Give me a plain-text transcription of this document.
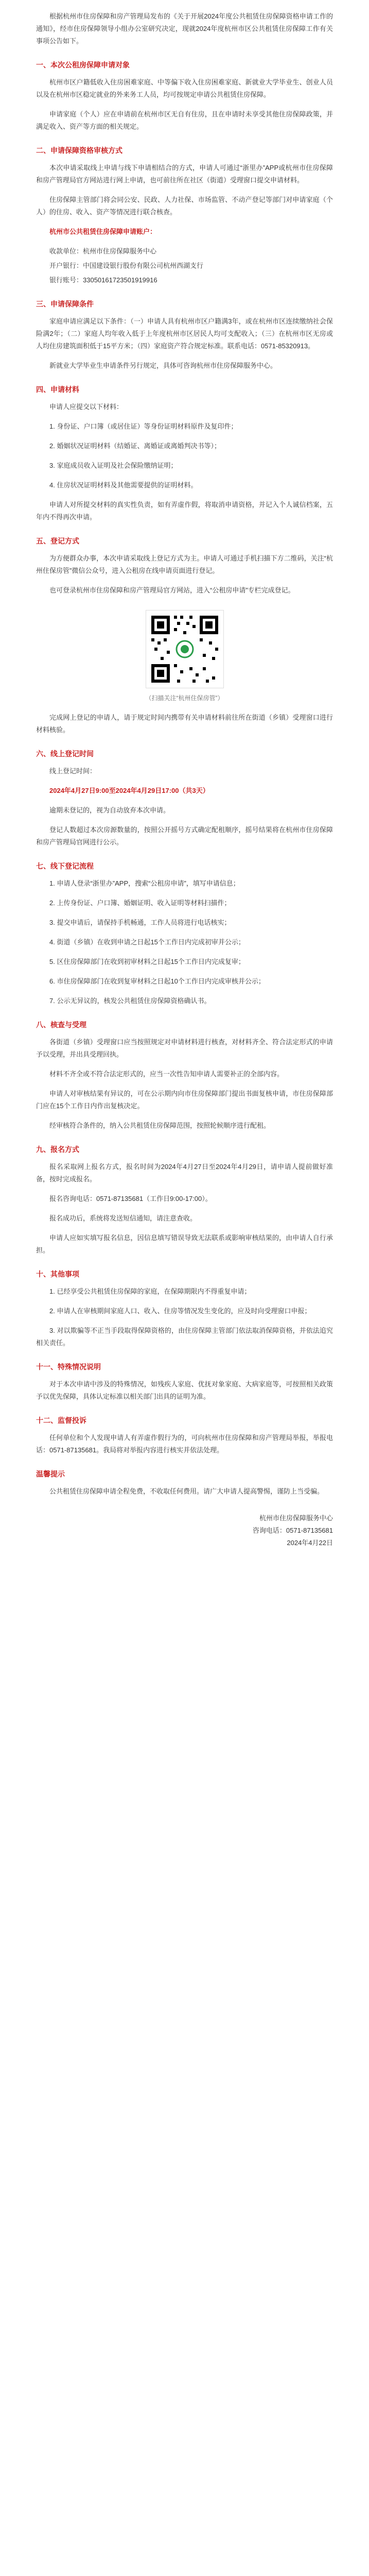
根据杭州市住房保障和房产管理局发布的《关于开展2024年度公共租赁住房保障资格申请工作的通知》，经市住房保障领导小组办公室研究决定，现就2024年度杭州市区公共租赁住房保障工作有关事项公告如下。

一、本次公租房保障申请对象

杭州市区户籍低收入住房困难家庭、中等偏下收入住房困难家庭、新就业大学毕业生、创业人员以及在杭州市区稳定就业的外来务工人员，均可按规定申请公共租赁住房保障。

申请家庭（个人）应在申请前在杭州市区无自有住房，且在申请时未享受其他住房保障政策，并满足收入、资产等方面的相关规定。

二、申请保障资格审核方式

本次申请采取线上申请与线下申请相结合的方式，申请人可通过“浙里办”APP或杭州市住房保障和房产管理局官方网站进行网上申请，也可前往所在社区（街道）受理窗口提交申请材料。

住房保障主管部门将会同公安、民政、人力社保、市场监管、不动产登记等部门对申请家庭（个人）的住房、收入、资产等情况进行联合核查。

杭州市公共租赁住房保障申请账户：

收款单位：杭州市住房保障服务中心

开户银行：中国建设银行股份有限公司杭州西湖支行

银行账号：33050161723501919916

三、申请保障条件

家庭申请应满足以下条件：（一）申请人具有杭州市区户籍满3年，或在杭州市区连续缴纳社会保险满2年；（二）家庭人均年收入低于上年度杭州市区居民人均可支配收入；（三）在杭州市区无房或人均住房建筑面积低于15平方米；（四）家庭资产符合规定标准。联系电话：0571-85320913。

新就业大学毕业生申请条件另行规定，具体可咨询杭州市住房保障服务中心。

四、申请材料

申请人应提交以下材料：

1. 身份证、户口簿（或居住证）等身份证明材料原件及复印件；

2. 婚姻状况证明材料（结婚证、离婚证或离婚判决书等）；

3. 家庭成员收入证明及社会保险缴纳证明；

4. 住房状况证明材料及其他需要提供的证明材料。

申请人对所提交材料的真实性负责，如有弄虚作假，将取消申请资格，并记入个人诚信档案，五年内不得再次申请。

五、登记方式

为方便群众办事，本次申请采取线上登记方式为主。申请人可通过手机扫描下方二维码，关注“杭州住保房管”微信公众号，进入公租房在线申请页面进行登记。

也可登录杭州市住房保障和房产管理局官方网站，进入“公租房申请”专栏完成登记。

（扫描关注“杭州住保房管”）

完成网上登记的申请人，请于规定时间内携带有关申请材料前往所在街道（乡镇）受理窗口进行材料核验。

六、线上登记时间

线上登记时间：

2024年4月27日9:00至2024年4月29日17:00（共3天）

逾期未登记的，视为自动放弃本次申请。

登记人数超过本次房源数量的，按照公开摇号方式确定配租顺序，摇号结果将在杭州市住房保障和房产管理局官网进行公示。

七、线下登记流程

1. 申请人登录“浙里办”APP，搜索“公租房申请”，填写申请信息；

2. 上传身份证、户口簿、婚姻证明、收入证明等材料扫描件；

3. 提交申请后，请保持手机畅通，工作人员将进行电话核实；

4. 街道（乡镇）在收到申请之日起15个工作日内完成初审并公示；

5. 区住房保障部门在收到初审材料之日起15个工作日内完成复审；

6. 市住房保障部门在收到复审材料之日起10个工作日内完成审核并公示；

7. 公示无异议的，核发公共租赁住房保障资格确认书。

八、核查与受理

各街道（乡镇）受理窗口应当按照规定对申请材料进行核查，对材料齐全、符合法定形式的申请予以受理，并出具受理回执。

材料不齐全或不符合法定形式的，应当一次性告知申请人需要补正的全部内容。

申请人对审核结果有异议的，可在公示期内向市住房保障部门提出书面复核申请，市住房保障部门应在15个工作日内作出复核决定。

经审核符合条件的，纳入公共租赁住房保障范围，按照轮候顺序进行配租。

九、报名方式

报名采取网上报名方式，报名时间为2024年4月27日至2024年4月29日，请申请人提前做好准备，按时完成报名。

报名咨询电话：0571-87135681（工作日9:00-17:00）。

报名成功后，系统将发送短信通知，请注意查收。

申请人应如实填写报名信息，因信息填写错误导致无法联系或影响审核结果的，由申请人自行承担。

十、其他事项

1. 已经享受公共租赁住房保障的家庭，在保障期限内不得重复申请；

2. 申请人在审核期间家庭人口、收入、住房等情况发生变化的，应及时向受理窗口申报；

3. 对以欺骗等不正当手段取得保障资格的，由住房保障主管部门依法取消保障资格，并依法追究相关责任。

十一、特殊情况说明

对于本次申请中涉及的特殊情况，如残疾人家庭、优抚对象家庭、大病家庭等，可按照相关政策予以优先保障，具体认定标准以相关部门出具的证明为准。

十二、监督投诉

任何单位和个人发现申请人有弄虚作假行为的，可向杭州市住房保障和房产管理局举报，举报电话：0571-87135681。我局将对举报内容进行核实并依法处理。

温馨提示

公共租赁住房保障申请全程免费，不收取任何费用。请广大申请人提高警惕，谨防上当受骗。

杭州市住房保障服务中心

咨询电话：0571-87135681

2024年4月22日
